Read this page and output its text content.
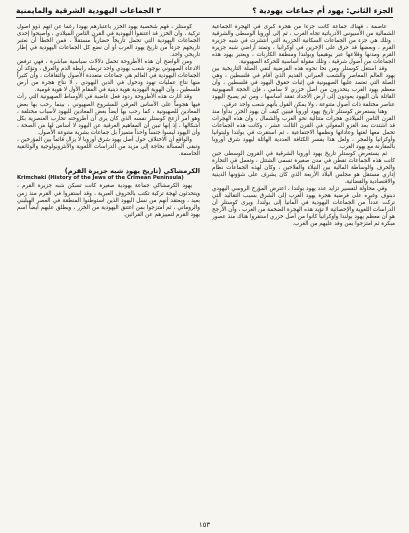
الجزء الثاني: يهود أم جماعات يهودية ؟
٢ الجماعات اليهودية الشرقية والمايمنية

عاصمة ، فهناك جماعة كانت جزءاً من هجرة كبرى في الهجرة الجماعية الشمالية من الأسيوس الأدرياتية تجاه الغرب ، ثم إلى أوروبا الوسطى والشرقية . وتلك هي جزء من الجماعات السكانية الخزرية التي انتشرت في شبه جزيرة القرم ، وبعضها قد حرق على الإخرين في أوكرانيا ، وتمتد أراضي شبه جزيرة القرم ومدنها وقلاعها عبر بوهيميا وبولندا ومنطقة الكاربات ، ويعتبر يهود هذه الجماعات من أصول شرقية ، وتلك مقولة أساسية للحركة الصهيونية.

وقد استغل كوستلر ومن نحا نحوه هذه الفرضية لنفي الصلة التاريخية بين يهود العالم المعاصر والشعب العبراني القديم الذي أقام في فلسطين ، وهي الصلة التي تعتمد عليها الصهيونية في إثبات حقوق اليهود في فلسطين ، وأن معظم يهود الغرب ينحدرون من أصل خزري لا سامي ، فإن الحجة الصهيونية القائلة بأن اليهود يعودون إلى أرض الأجداد تفقد أساسها ، ومن ثم يصبح اليهود عناصر مختلفة ذات أصول متنوعة ، ولا يمكن القول بأنهم شعب واحد عرقي.

وهنا يستعرض كوستلر تاريخ يهود أوروبا فيبين كيف أن يهود الخزر بدأوا منذ القرن الثامن الميلادي هجرات متتالية نحو الغرب والشمال ، وأن هذه الهجرات قد اشتدت بعد الغزو المغولي في القرن الثالث عشر ، وكانت هذه الجماعات تحمل معها لغتها وعاداتها ونظمها الاجتماعية ، ثم استقرت في بولندا وليتوانيا وأوكرانيا والمجر ، ولعل هذا يفسر الكثافة العددية الهائلة ليهود شرق أوروبا بالمقارنة مع يهود الغرب.

ثم يستعرض كوستلر تاريخ يهود أوروبا الشرقية في القرون الوسطى حين كانت هذه الجماعات تقطن في مدن صغيرة تسمى الشتتل ، وتعمل في التجارة والحرف والوساطة المالية بين النبلاء والفلاحين ، وكان لهذه الجماعات نظام إداري مستقل هو مجلس البلاد الأربعة الذي كان يشرف على شؤونها الدينية والاقتصادية والقضائية.

وفي محاولة لتفسير تزايد عدد يهود بولندا ، اعترض المؤرخ الروسي اليهودي دبنوف وغيره على فرضية هجرة يهود الغرب إلى الشرق بسبب التقاليد التي تركت عدداً من الجماعات اليهودية في ألمانيا إلى بولندا. ويرى كوستلر أن الدراسات اللغوية والإحصائية لا تؤيد هذه الهجرة الضخمة من الغرب ، وأن الأرجح هو أن معظم يهود بولندا وأوكرانيا كانوا من أصل خزري استقروا هناك منذ عصور مبكرة ثم امتزجوا بمن وفد عليهم من الغرب.

كوستلر ، فهم شخصية يهود الخزر باعتبارهم يهوداً رغماً عن أنهم ذوو أصول تركية ، وأن الخزر قد اعتنقوا اليهودية في القرن الثامن الميلادي ، وأصبحوا إحدى الجماعات اليهودية التي تحمل تاريخاً حضارياً مستقلاً ، فمن الخطأ أن نعتبر تاريخهم جزءاً من تاريخ يهود الغرب أو أن نضع كل الجماعات اليهودية في إطار تاريخي واحد.

ومن الواضح أن هذه الأطروحة تحمل دلالات سياسية مباشرة ، فهي ترفض الادعاء الصهيوني بوجود شعب يهودي واحد تربطه رابطة الدم والعرق ، وتؤكد أن الجماعات اليهودية في العالم هي جماعات متعددة الأصول والثقافات ، وأن كثيراً منها نتاج عمليات تهود ودخول في الدين اليهودي ، لا نتاج هجرة من أرض فلسطين ، وأن الهوية اليهودية هوية دينية في المقام الأول لا هوية قومية.

وقد أثارت هذه الأطروحة ردود فعل غاضبة في الأوساط الصهيونية التي رأت فيها هجوماً على الأساس العرقي للمشروع الصهيوني ، بينما رحب بها بعض المعادين للصهيونية ، كما رحب بها أيضاً بعض المعادين لليهود لأسباب مختلفة ، وهو أمر أزعج كوستلر نفسه الذي كان يرى أن أطروحته تحارب العنصرية بكل أشكالها ، إذ إنها تبين أن المفاهيم العرقية عن اليهود لا أساس لها من الصحة ، وأن اليهود ليسوا جنساً واحداً متميزاً بل جماعات بشرية متنوعة الأصول.

والواقع أن الاختلاف حول أصل يهود شرق أوروبا لا يزال قائماً بين المؤرخين ، وتبقى المسألة بحاجة إلى مزيد من الدراسات اللغوية والأنثروبولوجية والوثائقية الحاسمة.

الكرمشاكي (تاريخ يهود شبه جزيرة القرم)
Krimchaki (History of the Jews of the Crimean Peninsula)

يهود الكرمشاكي جماعة يهودية صغيرة كانت تسكن شبه جزيرة القرم ، ويتحدثون لهجة تركية تكتب بالحروف العبرية ، وقد استقروا في القرم منذ زمن بعيد ، ويعتقد أنهم من نسل اليهود الذين استوطنوا المنطقة في العصر الهيليني والروماني ، ثم امتزجوا بمن اعتنق اليهودية من الخزر ، ويطلق عليهم أيضاً اسم يهود القرم لتمييزهم عن القرائين.

١٥٣
